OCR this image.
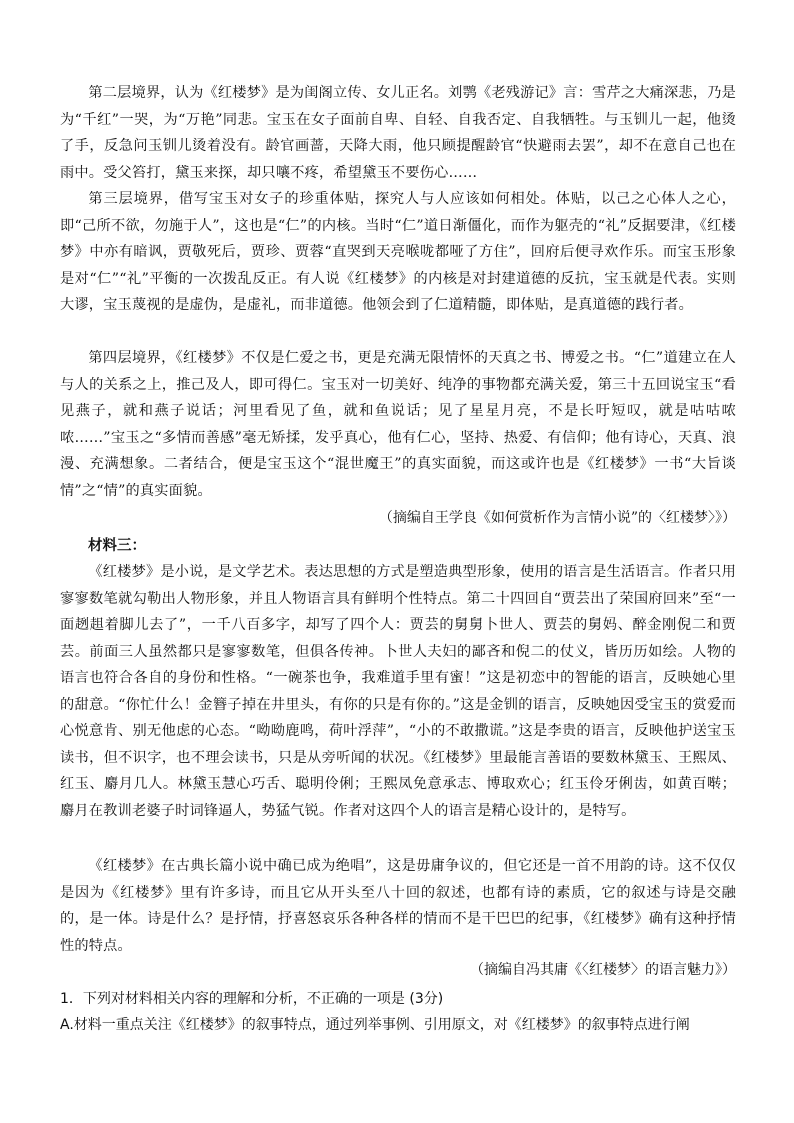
第二层境界，认为《红楼梦》是为闺阁立传、女儿正名。刘鹗《老残游记》言：雪芹之大痛深悲，乃是为“千红”一哭，为“万艳”同悲。宝玉在女子面前自卑、自轻、自我否定、自我牺牲。与玉钏儿一起，他烫了手，反急问玉钏儿烫着没有。龄官画蔷，天降大雨，他只顾提醒龄官“快避雨去罢”，却不在意自己也在雨中。受父笞打，黛玉来探，却只嚷不疼，希望黛玉不要伤心……

第三层境界，借写宝玉对女子的珍重体贴，探究人与人应该如何相处。体贴，以己之心体人之心，即“己所不欲，勿施于人”，这也是“仁”的内核。当时“仁”道日渐僵化，而作为躯壳的“礼”反据要津，《红楼梦》中亦有暗讽，贾敬死后，贾珍、贾蓉“直哭到天亮喉咙都哑了方住”，回府后便寻欢作乐。而宝玉形象是对“仁”“礼”平衡的一次拨乱反正。有人说《红楼梦》的内核是对封建道德的反抗，宝玉就是代表。实则大谬，宝玉蔑视的是虚伪，是虚礼，而非道德。他领会到了仁道精髓，即体贴，是真道德的践行者。

第四层境界，《红楼梦》不仅是仁爱之书，更是充满无限情怀的天真之书、博爱之书。“仁”道建立在人与人的关系之上，推己及人，即可得仁。宝玉对一切美好、纯净的事物都充满关爱，第三十五回说宝玉“看见燕子，就和燕子说话；河里看见了鱼，就和鱼说话；见了星星月亮，不是长吁短叹，就是咕咕哝哝……”宝玉之“多情而善感”毫无矫揉，发乎真心，他有仁心，坚持、热爱、有信仰；他有诗心，天真、浪漫、充满想象。二者结合，便是宝玉这个“混世魔王”的真实面貌，而这或许也是《红楼梦》一书“大旨谈情”之“情”的真实面貌。

（摘编自王学良《如何赏析作为言情小说”的〈红楼梦〉》）

材料三：

《红楼梦》是小说，是文学艺术。表达思想的方式是塑造典型形象，使用的语言是生活语言。作者只用寥寥数笔就勾勒出人物形象，并且人物语言具有鲜明个性特点。第二十四回自“贾芸出了荣国府回来”至“一面趔趄着脚儿去了”，一千八百多字，却写了四个人：贾芸的舅舅卜世人、贾芸的舅妈、醉金刚倪二和贾芸。前面三人虽然都只是寥寥数笔，但俱各传神。卜世人夫妇的鄙吝和倪二的仗义，皆历历如绘。人物的语言也符合各自的身份和性格。“一碗茶也争，我难道手里有蜜！”这是初恋中的智能的语言，反映她心里的甜意。“你忙什么！金簪子掉在井里头，有你的只是有你的。”这是金钏的语言，反映她因受宝玉的赏爱而心悦意肯、别无他虑的心态。“呦呦鹿鸣，荷叶浮萍”，“小的不敢撒谎。”这是李贵的语言，反映他护送宝玉读书，但不识字，也不理会读书，只是从旁听闻的状况。《红楼梦》里最能言善语的要数林黛玉、王熙凤、红玉、麝月几人。林黛玉慧心巧舌、聪明伶俐；王熙凤免意承志、博取欢心；红玉伶牙俐齿，如黄百啭；麝月在教训老婆子时词锋逼人，势猛气锐。作者对这四个人的语言是精心设计的，是特写。

《红楼梦》在古典长篇小说中确已成为绝唱”，这是毋庸争议的，但它还是一首不用韵的诗。这不仅仅是因为《红楼梦》里有许多诗，而且它从开头至八十回的叙述，也都有诗的素质，它的叙述与诗是交融的，是一体。诗是什么？是抒情，抒喜怒哀乐各种各样的情而不是干巴巴的纪事，《红楼梦》确有这种抒情性的特点。

（摘编自冯其庸《〈红楼梦〉的语言魅力》）

1．下列对材料相关内容的理解和分析，不正确的一项是 (3分)

A.材料一重点关注《红楼梦》的叙事特点，通过列举事例、引用原文，对《红楼梦》的叙事特点进行阐
